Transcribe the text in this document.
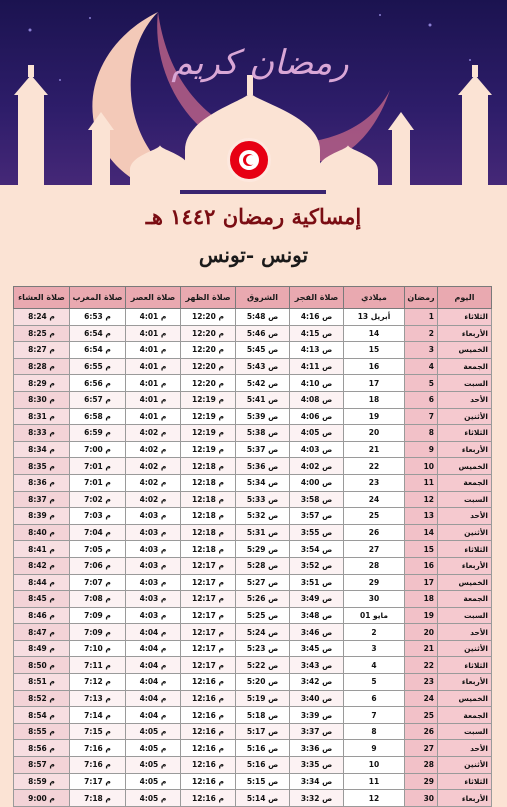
رمضان كريم
إمساكية رمضان ١٤٤٢ هـ
تونس -تونس
اليوم	رمضان	ميلادي	صلاة الفجر	الشروق	صلاة الظهر	صلاة العصر	صلاة المغرب	صلاة العشاء
الثلاثاء	1	أبريل 13	ص 4:16	ص 5:48	م 12:20	م 4:01	م 6:53	م 8:24
الأربعاء	2	14	ص 4:15	ص 5:46	م 12:20	م 4:01	م 6:54	م 8:25
الخميس	3	15	ص 4:13	ص 5:45	م 12:20	م 4:01	م 6:54	م 8:27
الجمعة	4	16	ص 4:11	ص 5:43	م 12:20	م 4:01	م 6:55	م 8:28
السبت	5	17	ص 4:10	ص 5:42	م 12:20	م 4:01	م 6:56	م 8:29
الأحد	6	18	ص 4:08	ص 5:41	م 12:19	م 4:01	م 6:57	م 8:30
الأثنين	7	19	ص 4:06	ص 5:39	م 12:19	م 4:01	م 6:58	م 8:31
الثلاثاء	8	20	ص 4:05	ص 5:38	م 12:19	م 4:02	م 6:59	م 8:33
الأربعاء	9	21	ص 4:03	ص 5:37	م 12:19	م 4:02	م 7:00	م 8:34
الخميس	10	22	ص 4:02	ص 5:36	م 12:18	م 4:02	م 7:01	م 8:35
الجمعة	11	23	ص 4:00	ص 5:34	م 12:18	م 4:02	م 7:01	م 8:36
السبت	12	24	ص 3:58	ص 5:33	م 12:18	م 4:02	م 7:02	م 8:37
الأحد	13	25	ص 3:57	ص 5:32	م 12:18	م 4:03	م 7:03	م 8:39
الأثنين	14	26	ص 3:55	ص 5:31	م 12:18	م 4:03	م 7:04	م 8:40
الثلاثاء	15	27	ص 3:54	ص 5:29	م 12:18	م 4:03	م 7:05	م 8:41
الأربعاء	16	28	ص 3:52	ص 5:28	م 12:17	م 4:03	م 7:06	م 8:42
الخميس	17	29	ص 3:51	ص 5:27	م 12:17	م 4:03	م 7:07	م 8:44
الجمعة	18	30	ص 3:49	ص 5:26	م 12:17	م 4:03	م 7:08	م 8:45
السبت	19	مايو 01	ص 3:48	ص 5:25	م 12:17	م 4:03	م 7:09	م 8:46
الأحد	20	2	ص 3:46	ص 5:24	م 12:17	م 4:04	م 7:09	م 8:47
الأثنين	21	3	ص 3:45	ص 5:23	م 12:17	م 4:04	م 7:10	م 8:49
الثلاثاء	22	4	ص 3:43	ص 5:22	م 12:17	م 4:04	م 7:11	م 8:50
الأربعاء	23	5	ص 3:42	ص 5:20	م 12:16	م 4:04	م 7:12	م 8:51
الخميس	24	6	ص 3:40	ص 5:19	م 12:16	م 4:04	م 7:13	م 8:52
الجمعة	25	7	ص 3:39	ص 5:18	م 12:16	م 4:04	م 7:14	م 8:54
السبت	26	8	ص 3:37	ص 5:17	م 12:16	م 4:05	م 7:15	م 8:55
الأحد	27	9	ص 3:36	ص 5:16	م 12:16	م 4:05	م 7:16	م 8:56
الأثنين	28	10	ص 3:35	ص 5:16	م 12:16	م 4:05	م 7:16	م 8:57
الثلاثاء	29	11	ص 3:34	ص 5:15	م 12:16	م 4:05	م 7:17	م 8:59
الأربعاء	30	12	ص 3:32	ص 5:14	م 12:16	م 4:05	م 7:18	م 9:00
